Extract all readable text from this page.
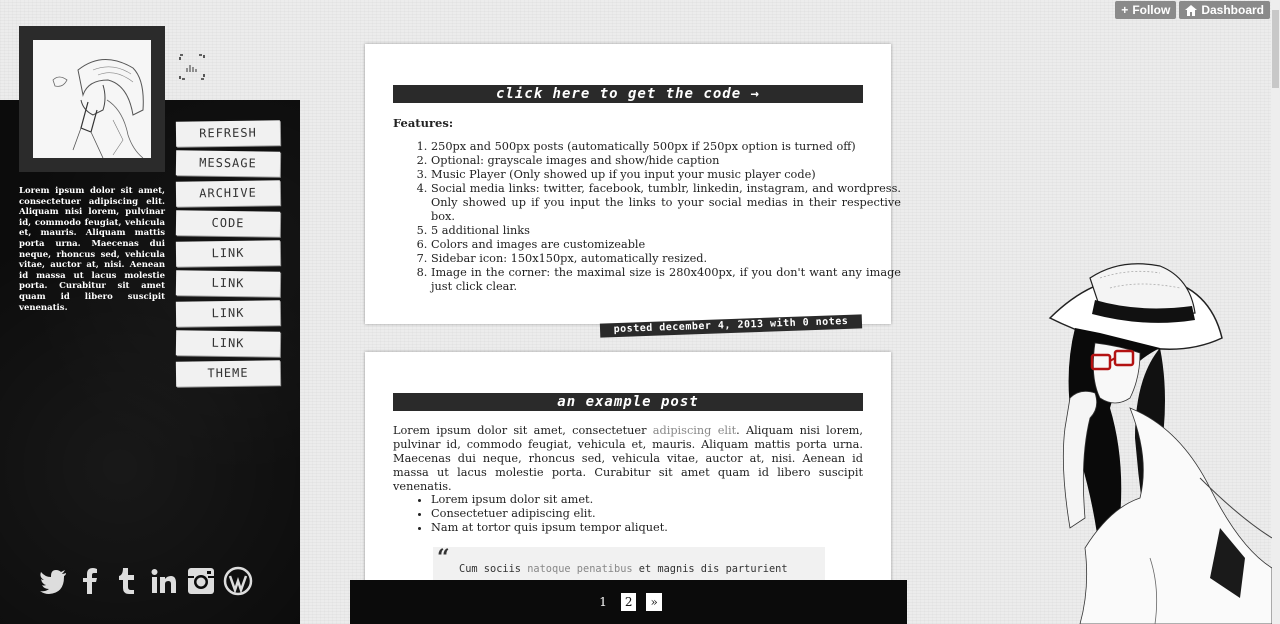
+ Follow	Dashboard
Lorem ipsum dolor sit amet, consectetuer adipiscing elit. Aliquam nisi lorem, pulvinar id, commodo feugiat, vehicula et, mauris. Aliquam mattis porta urna. Maecenas dui neque, rhoncus sed, vehicula vitae, auctor at, nisi. Aenean id massa ut lacus molestie porta. Curabitur sit amet quam id libero suscipit venenatis.
REFRESH
MESSAGE
ARCHIVE
CODE
LINK
LINK
LINK
LINK
THEME
click here to get the code →
Features:
1. 250px and 500px posts (automatically 500px if 250px option is turned off)
2. Optional: grayscale images and show/hide caption
3. Music Player (Only showed up if you input your music player code)
4. Social media links: twitter, facebook, tumblr, linkedin, instagram, and wordpress. Only showed up if you input the links to your social medias in their respective box.
5. 5 additional links
6. Colors and images are customizeable
7. Sidebar icon: 150x150px, automatically resized.
8. Image in the corner: the maximal size is 280x400px, if you don't want any image just click clear.
posted december 4, 2013 with 0 notes
an example post

Lorem ipsum dolor sit amet, consectetuer adipiscing elit. Aliquam nisi lorem, pulvinar id, commodo feugiat, vehicula et, mauris. Aliquam mattis porta urna. Maecenas dui neque, rhoncus sed, vehicula vitae, auctor at, nisi. Aenean id massa ut lacus molestie porta. Curabitur sit amet quam id libero suscipit venenatis.

• Lorem ipsum dolor sit amet.
• Consectetuer adipiscing elit.
• Nam at tortor quis ipsum tempor aliquet.
“ Cum sociis natoque penatibus et magnis dis parturient
1	2	»
